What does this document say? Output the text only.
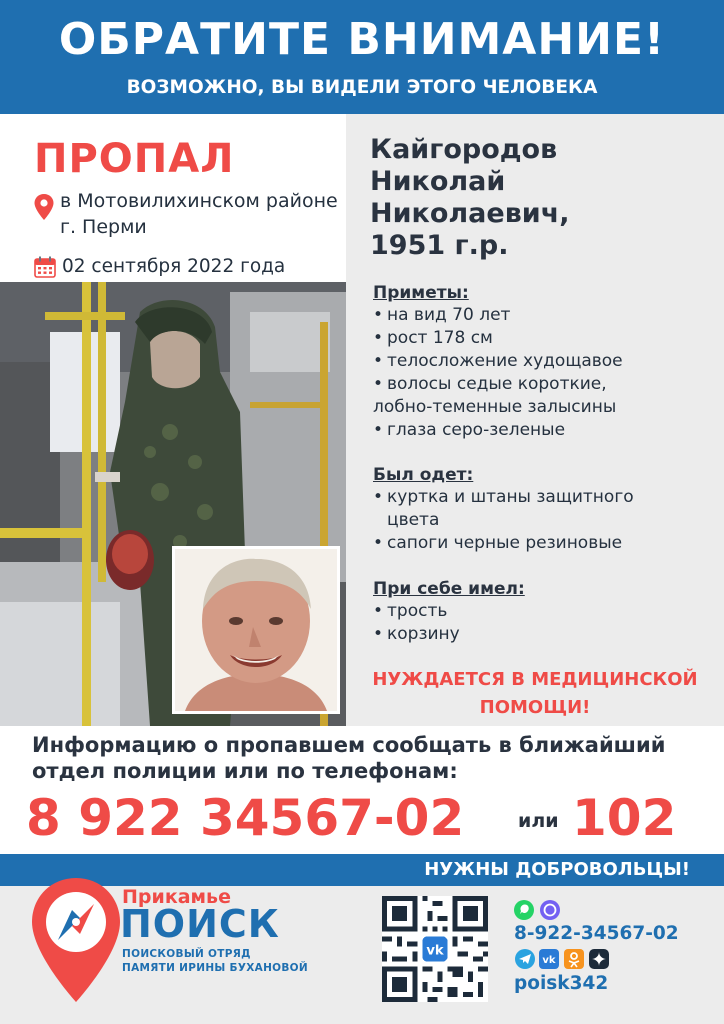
ОБРАТИТЕ ВНИМАНИЕ!
ВОЗМОЖНО, ВЫ ВИДЕЛИ ЭТОГО ЧЕЛОВЕКА
ПРОПАЛ
в Мотовилихинском районе г. Перми
02 сентября 2022 года
Кайгородов
Николай
Николаевич,
1951 г.р.
Приметы:
• на вид 70 лет
• рост 178 см
• телосложение худощавое
• волосы седые короткие,
лобно-теменные залысины
• глаза серо-зеленые
Был одет:
• куртка и штаны защитного
цвета
• сапоги черные резиновые
При себе имел:
• трость
• корзину
НУЖДАЕТСЯ В МЕДИЦИНСКОЙ
ПОМОЩИ!
Информацию о пропавшем сообщать в ближайший
отдел полиции или по телефонам:
8 922 34567-02	или 102
НУЖНЫ ДОБРОВОЛЬЦЫ!
Прикамье
ПОИСК
ПОИСКОВЫЙ ОТРЯД
ПАМЯТИ ИРИНЫ БУХАНОВОЙ
vk
8-922-34567-02
vk
poisk342
